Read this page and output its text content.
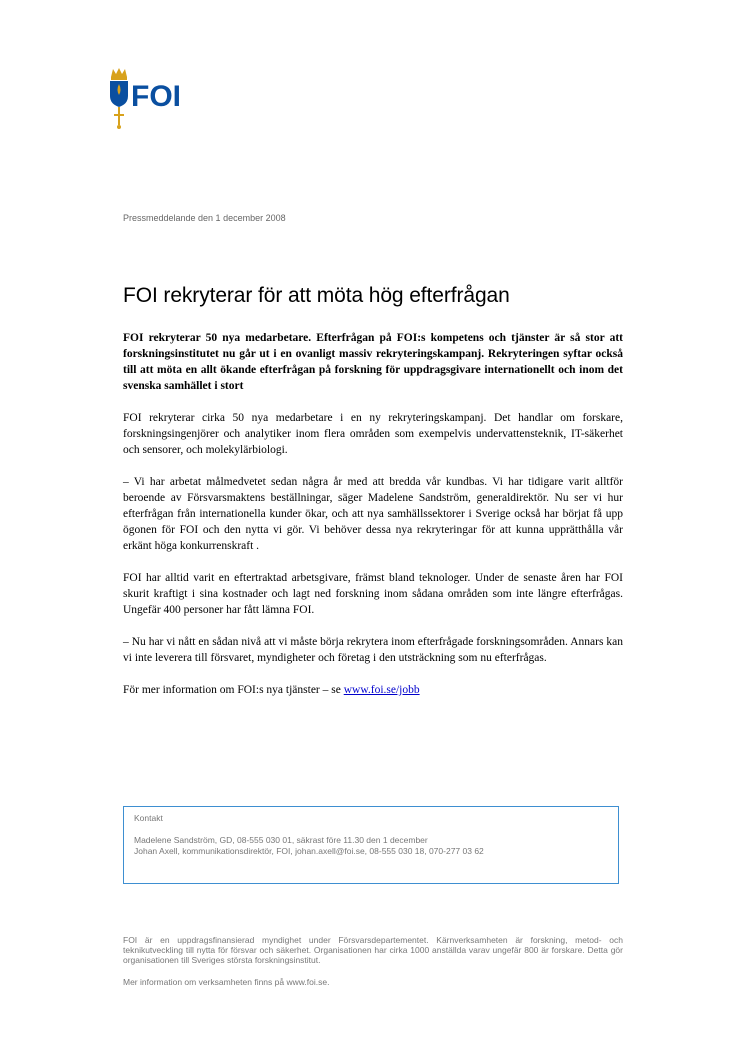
FOI
Pressmeddelande den 1 december 2008
FOI rekryterar för att möta hög efterfrågan

FOI rekryterar 50 nya medarbetare. Efterfrågan på FOI:s kompetens och tjänster är så stor att forskningsinstitutet nu går ut i en ovanligt massiv rekryteringskampanj. Rekryteringen syftar också till att möta en allt ökande efterfrågan på forskning för uppdragsgivare internationellt och inom det svenska samhället i stort

FOI rekryterar cirka 50 nya medarbetare i en ny rekryteringskampanj. Det handlar om forskare, forskningsingenjörer och analytiker inom flera områden som exempelvis undervattensteknik, IT-säkerhet och sensorer, och molekylärbiologi.

– Vi har arbetat målmedvetet sedan några år med att bredda vår kundbas. Vi har tidigare varit alltför beroende av Försvarsmaktens beställningar, säger Madelene Sandström, generaldirektör. Nu ser vi hur efterfrågan från internationella kunder ökar, och att nya samhällssektorer i Sverige också har börjat få upp ögonen för FOI och den nytta vi gör. Vi behöver dessa nya rekryteringar för att kunna upprätthålla vår erkänt höga konkurrenskraft .

FOI har alltid varit en eftertraktad arbetsgivare, främst bland teknologer. Under de senaste åren har FOI skurit kraftigt i sina kostnader och lagt ned forskning inom sådana områden som inte längre efterfrågas. Ungefär 400 personer har fått lämna FOI.

– Nu har vi nått en sådan nivå att vi måste börja rekrytera inom efterfrågade forskningsområden. Annars kan vi inte leverera till försvaret, myndigheter och företag i den utsträckning som nu efterfrågas.

För mer information om FOI:s nya tjänster – se www.foi.se/jobb

Kontakt

Madelene Sandström, GD, 08-555 030 01, säkrast före 11.30 den 1 december

Johan Axell, kommunikationsdirektör, FOI, johan.axell@foi.se, 08-555 030 18, 070-277 03 62

FOI är en uppdragsfinansierad myndighet under Försvarsdepartementet. Kärnverksamheten är forskning, metod- och teknikutveckling till nytta för försvar och säkerhet. Organisationen har cirka 1000 anställda varav ungefär 800 är forskare. Detta gör organisationen till Sveriges största forskningsinstitut.

Mer information om verksamheten finns på www.foi.se.
